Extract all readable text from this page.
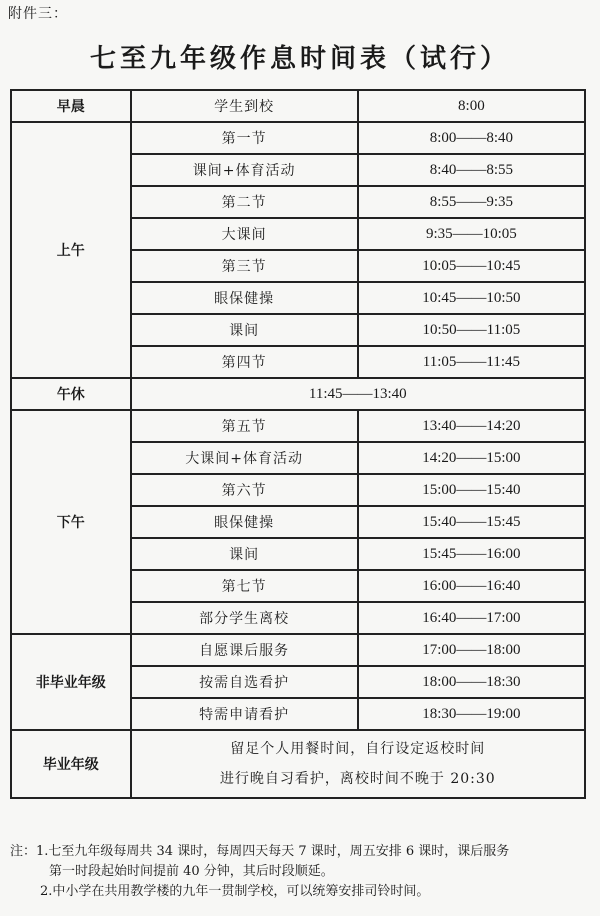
附件三：
七至九年级作息时间表（试行）
早晨	学生到校	8:00
上午	第一节	8:00——8:40
	课间+体育活动	8:40——8:55
	第二节	8:55——9:35
	大课间	9:35——10:05
	第三节	10:05——10:45
	眼保健操	10:45——10:50
	课间	10:50——11:05
	第四节	11:05——11:45
午休	11:45——13:40	
下午	第五节	13:40——14:20
	大课间+体育活动	14:20——15:00
	第六节	15:00——15:40
	眼保健操	15:40——15:45
	课间	15:45——16:00
	第七节	16:00——16:40
	部分学生离校	16:40——17:00
非毕业年级	自愿课后服务	17:00——18:00
	按需自选看护	18:00——18:30
	特需申请看护	18:30——19:00
毕业年级	留足个人用餐时间，自行设定返校时间
进行晚自习看护，离校时间不晚于 20:30	
注：1.七至九年级每周共 34 课时，每周四天每天 7 课时，周五安排 6 课时，课后服务
第一时段起始时间提前 40 分钟，其后时段顺延。
2.中小学在共用教学楼的九年一贯制学校，可以统筹安排司铃时间。
